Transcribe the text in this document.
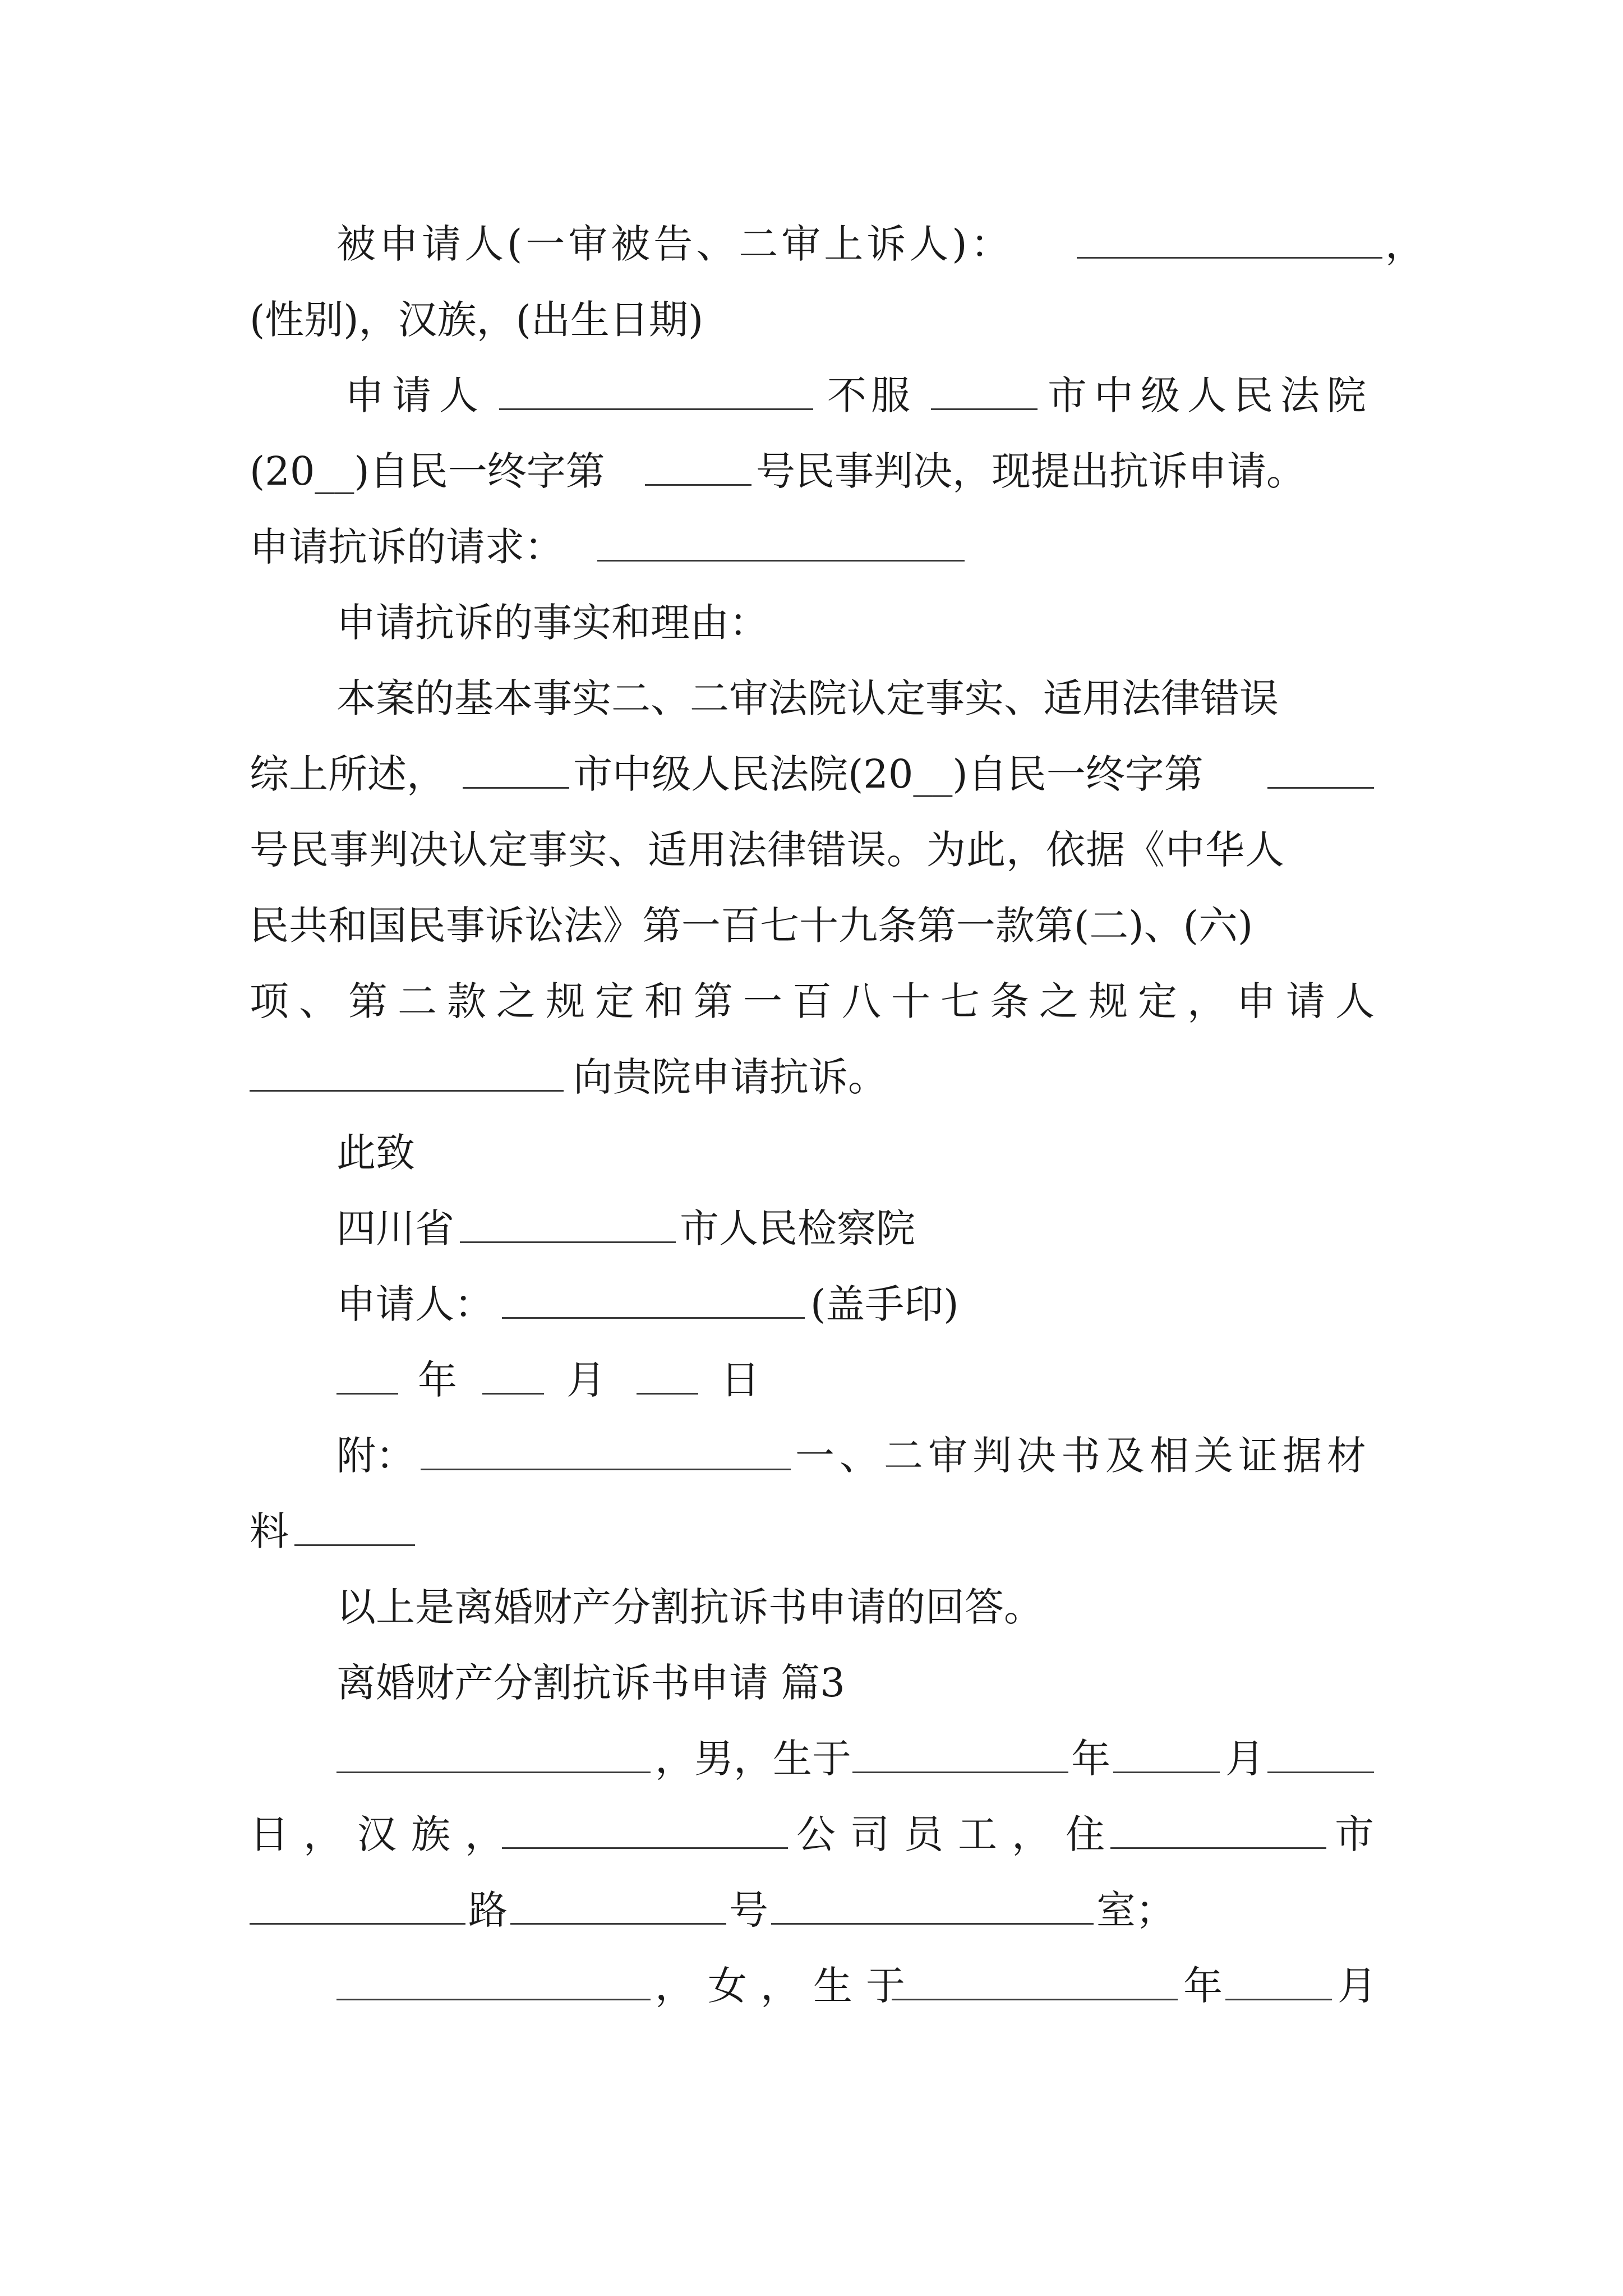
被申请人(一审被告、二审上诉人)：	，
(性别)，汉族，(出生日期)
申请人	不服	市中级人民法院
(20__)自民一终字第	号民事判决，现提出抗诉申请。
申请抗诉的请求：
申请抗诉的事实和理由：
本案的基本事实二、二审法院认定事实、适用法律错误
综上所述，	市中级人民法院(20__)自民一终字第
号民事判决认定事实、适用法律错误。为此，依据《中华人
民共和国民事诉讼法》第一百七十九条第一款第(二)、(六)
项、第二款之规定和第一百八十七条之规定，申请人
向贵院申请抗诉。
此致
四川省	市人民检察院
申请人：	(盖手印)
年	月	日
附：	一、二审判决书及相关证据材
料
以上是离婚财产分割抗诉书申请的回答。
离婚财产分割抗诉书申请 篇3
，男，生于	年	月
日，汉族，	公司员工，住	市
路	号	室；
，女，生于	年	月
